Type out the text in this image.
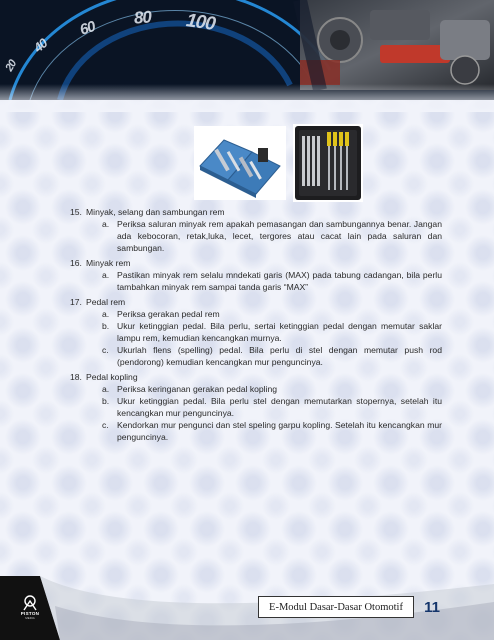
20
40
60
80 100
15. Minyak, selang dan sambungan rem
a. Periksa saluran minyak rem apakah pemasangan dan sambungannya benar. Jangan ada kebocoran, retak,luka, lecet, tergores atau cacat lain pada saluran dan sambungan.
16. Minyak rem
a. Pastikan minyak rem selalu mndekati garis (MAX) pada tabung cadangan, bila perlu tambahkan minyak rem sampai tanda garis “MAX”
17. Pedal rem
a. Periksa gerakan pedal rem
b. Ukur ketinggian pedal. Bila perlu, sertai ketinggian pedal dengan memutar saklar lampu rem, kemudian kencangkan murnya.
c. Ukurlah flens (spelling) pedal. Bila perlu di stel dengan memutar push rod (pendorong) kemudian kencangkan mur penguncinya.
18. Pedal kopling
a. Periksa keringanan gerakan pedal kopling
b. Ukur ketinggian pedal. Bila perlu stel dengan memutarkan stopernya, setelah itu kencangkan mur penguncinya.
c. Kendorkan mur pengunci dan stel speling garpu kopling. Setelah itu kencangkan mur penguncinya.
PISTON
MEDIA
E-Modul Dasar-Dasar Otomotif	11
